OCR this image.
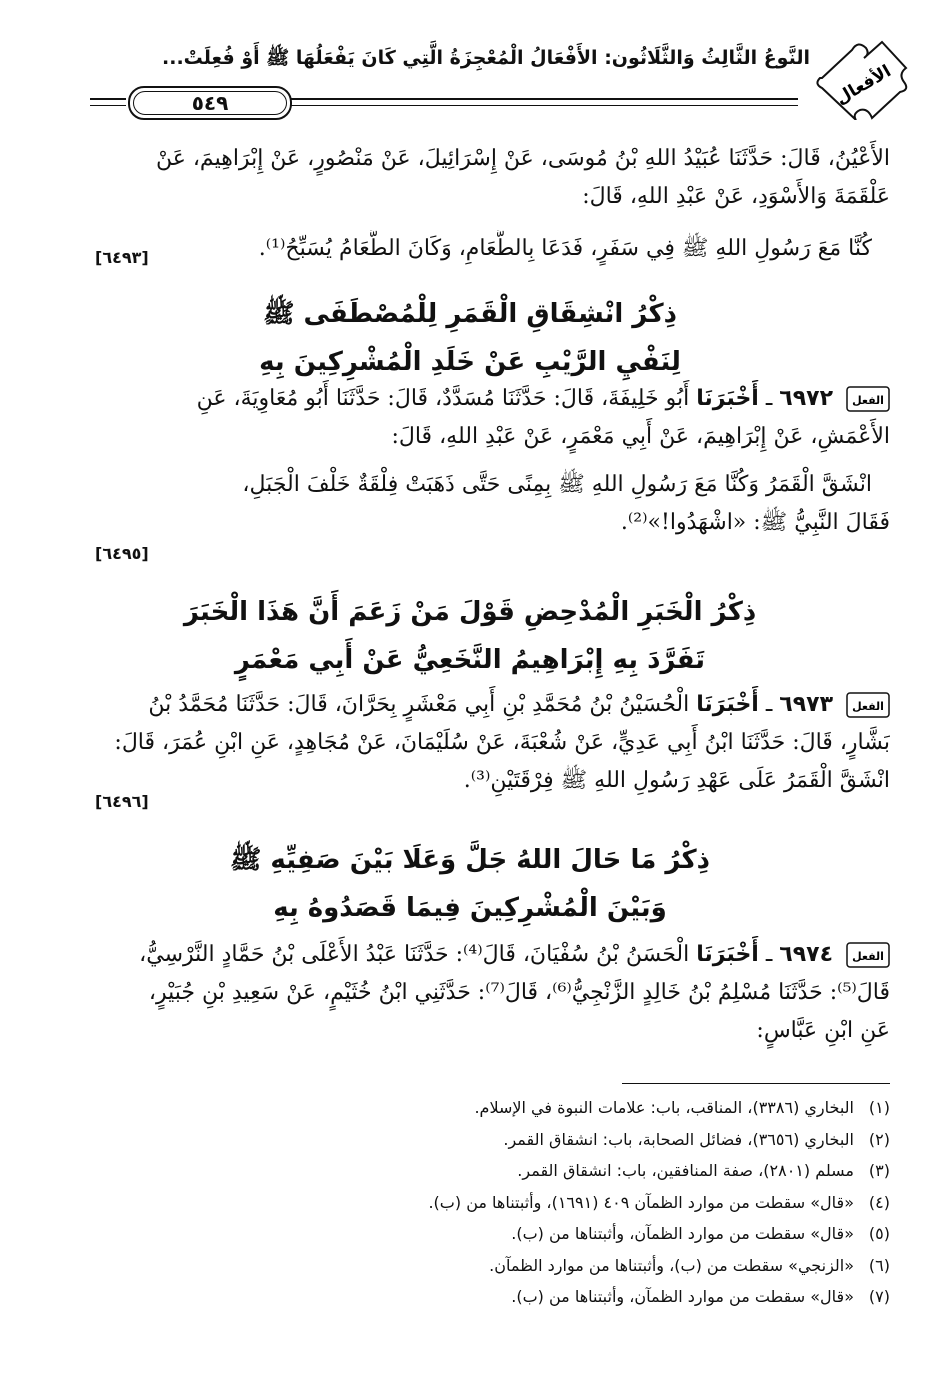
النَّوعُ الثَّالِثُ وَالثَّلَاثُون: الأَفْعَالُ الْمُعْجِزَةُ الَّتِي كَانَ يَفْعَلُهَا ﷺ أَوْ فُعِلَتْ...
٥٤٩	الأفعال
الأَعْيُنُ، قَالَ: حَدَّثَنَا عُبَيْدُ اللهِ بْنُ مُوسَى، عَنْ إِسْرَائِيلَ، عَنْ مَنْصُورٍ، عَنْ إِبْرَاهِيمَ، عَنْ
عَلْقَمَةَ وَالأَسْوَدِ، عَنْ عَبْدِ اللهِ، قَالَ:
كُنَّا مَعَ رَسُولِ اللهِ ﷺ فِي سَفَرٍ، فَدَعَا بِالطَّعَامِ، وَكَانَ الطَّعَامُ يُسَبِّحُ⁽¹⁾.
[٦٤٩٣]
ذِكْرُ انْشِقَاقِ الْقَمَرِ لِلْمُصْطَفَى ﷺ
لِنَفْيِ الرَّيْبِ عَنْ خَلَدِ الْمُشْرِكِينَ بِهِ
الفعل
٦٩٧٢ ـ أَخْبَرَنَا أَبُو خَلِيفَةَ، قَالَ: حَدَّثَنَا مُسَدَّدٌ، قَالَ: حَدَّثَنَا أَبُو مُعَاوِيَةَ، عَنِ
الأَعْمَشِ، عَنْ إِبْرَاهِيمَ، عَنْ أَبِي مَعْمَرٍ، عَنْ عَبْدِ اللهِ، قَالَ:
انْشَقَّ الْقَمَرُ وَكُنَّا مَعَ رَسُولِ اللهِ ﷺ بِمِنًى حَتَّى ذَهَبَتْ فِلْقَةٌ خَلْفَ الْجَبَلِ،
فَقَالَ النَّبِيُّ ﷺ: «اشْهَدُوا!»⁽²⁾.
[٦٤٩٥]
ذِكْرُ الْخَبَرِ الْمُدْحِضِ قَوْلَ مَنْ زَعَمَ أَنَّ هَذَا الْخَبَرَ
تَفَرَّدَ بِهِ إِبْرَاهِيمُ النَّخَعِيُّ عَنْ أَبِي مَعْمَرٍ
الفعل
٦٩٧٣ ـ أَخْبَرَنَا الْحُسَيْنُ بْنُ مُحَمَّدِ بْنِ أَبِي مَعْشَرٍ بِحَرَّانَ، قَالَ: حَدَّثَنَا مُحَمَّدُ بْنُ
بَشَّارٍ، قَالَ: حَدَّثَنَا ابْنُ أَبِي عَدِيٍّ، عَنْ شُعْبَةَ، عَنْ سُلَيْمَانَ، عَنْ مُجَاهِدٍ، عَنِ ابْنِ عُمَرَ، قَالَ:
انْشَقَّ الْقَمَرُ عَلَى عَهْدِ رَسُولِ اللهِ ﷺ فِرْقَتَيْنِ⁽³⁾.
[٦٤٩٦]
ذِكْرُ مَا حَالَ اللهُ جَلَّ وَعَلَا بَيْنَ صَفِيِّهِ ﷺ
وَبَيْنَ الْمُشْرِكِينَ فِيمَا قَصَدُوهُ بِهِ
الفعل
٦٩٧٤ ـ أَخْبَرَنَا الْحَسَنُ بْنُ سُفْيَانَ، قَالَ⁽⁴⁾: حَدَّثَنَا عَبْدُ الأَعْلَى بْنُ حَمَّادٍ النَّرْسِيُّ،
قَالَ⁽⁵⁾: حَدَّثَنَا مُسْلِمُ بْنُ خَالِدٍ الزَّنْجِيُّ⁽⁶⁾، قَالَ⁽⁷⁾: حَدَّثَنِي ابْنُ خُثَيْمٍ، عَنْ سَعِيدِ بْنِ جُبَيْرٍ،
عَنِ ابْنِ عَبَّاسٍ:
(١)البخاري (٣٣٨٦)، المناقب، باب: علامات النبوة في الإسلام.
(٢)البخاري (٣٦٥٦)، فضائل الصحابة، باب: انشقاق القمر.
(٣)مسلم (٢٨٠١)، صفة المنافقين، باب: انشقاق القمر.
(٤)«قال» سقطت من موارد الظمآن ٤٠٩ (١٦٩١)، وأثبتناها من (ب).
(٥)«قال» سقطت من موارد الظمآن، وأثبتناها من (ب).
(٦)«الزنجي» سقطت من (ب)، وأثبتناها من موارد الظمآن.
(٧)«قال» سقطت من موارد الظمآن، وأثبتناها من (ب).
